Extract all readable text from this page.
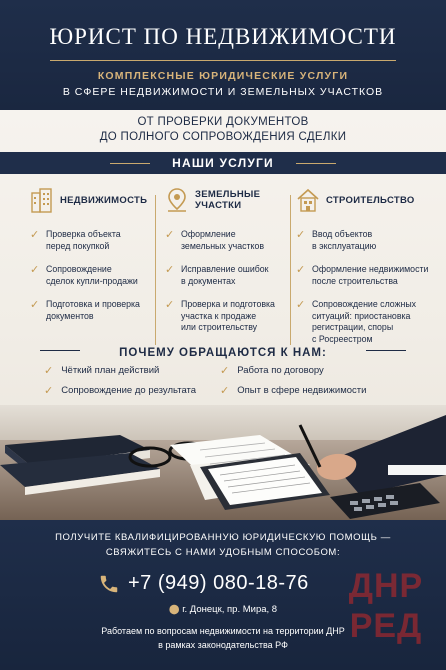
ЮРИСТ ПО НЕДВИЖИМОСТИ
КОМПЛЕКСНЫЕ ЮРИДИЧЕСКИЕ УСЛУГИ
В СФЕРЕ НЕДВИЖИМОСТИ И ЗЕМЕЛЬНЫХ УЧАСТКОВ
ОТ ПРОВЕРКИ ДОКУМЕНТОВ
ДО ПОЛНОГО СОПРОВОЖДЕНИЯ СДЕЛКИ
НАШИ УСЛУГИ
НЕДВИЖИМОСТЬ
✓ Проверка объекта
перед покупкой
✓ Сопровождение
сделок купли-продажи
✓ Подготовка и проверка
документов
ЗЕМЕЛЬНЫЕ
УЧАСТКИ
✓ Оформление
земельных участков
✓ Исправление ошибок
в документах
✓ Проверка и подготовка
участка к продаже
или строительству
СТРОИТЕЛЬСТВО
✓ Ввод объектов
в эксплуатацию
✓ Оформление недвижимости
после строительства
✓ Сопровождение сложных
ситуаций: приостановка
регистрации, споры
с Росреестром
ПОЧЕМУ ОБРАЩАЮТСЯ К НАМ:
✓ Чёткий план действий	✓ Работа по договору
✓ Сопровождение до результата ✓ Опыт в сфере недвижимости
ПОЛУЧИТЕ КВАЛИФИЦИРОВАННУЮ ЮРИДИЧЕСКУЮ ПОМОЩЬ —
СВЯЖИТЕСЬ С НАМИ УДОБНЫМ СПОСОБОМ:
+7 (949) 080-18-76
⬤ г. Донецк, пр. Мира, 8
Работаем по вопросам недвижимости на территории ДНР
в рамках законодательства РФ
ДНР
РЕД
